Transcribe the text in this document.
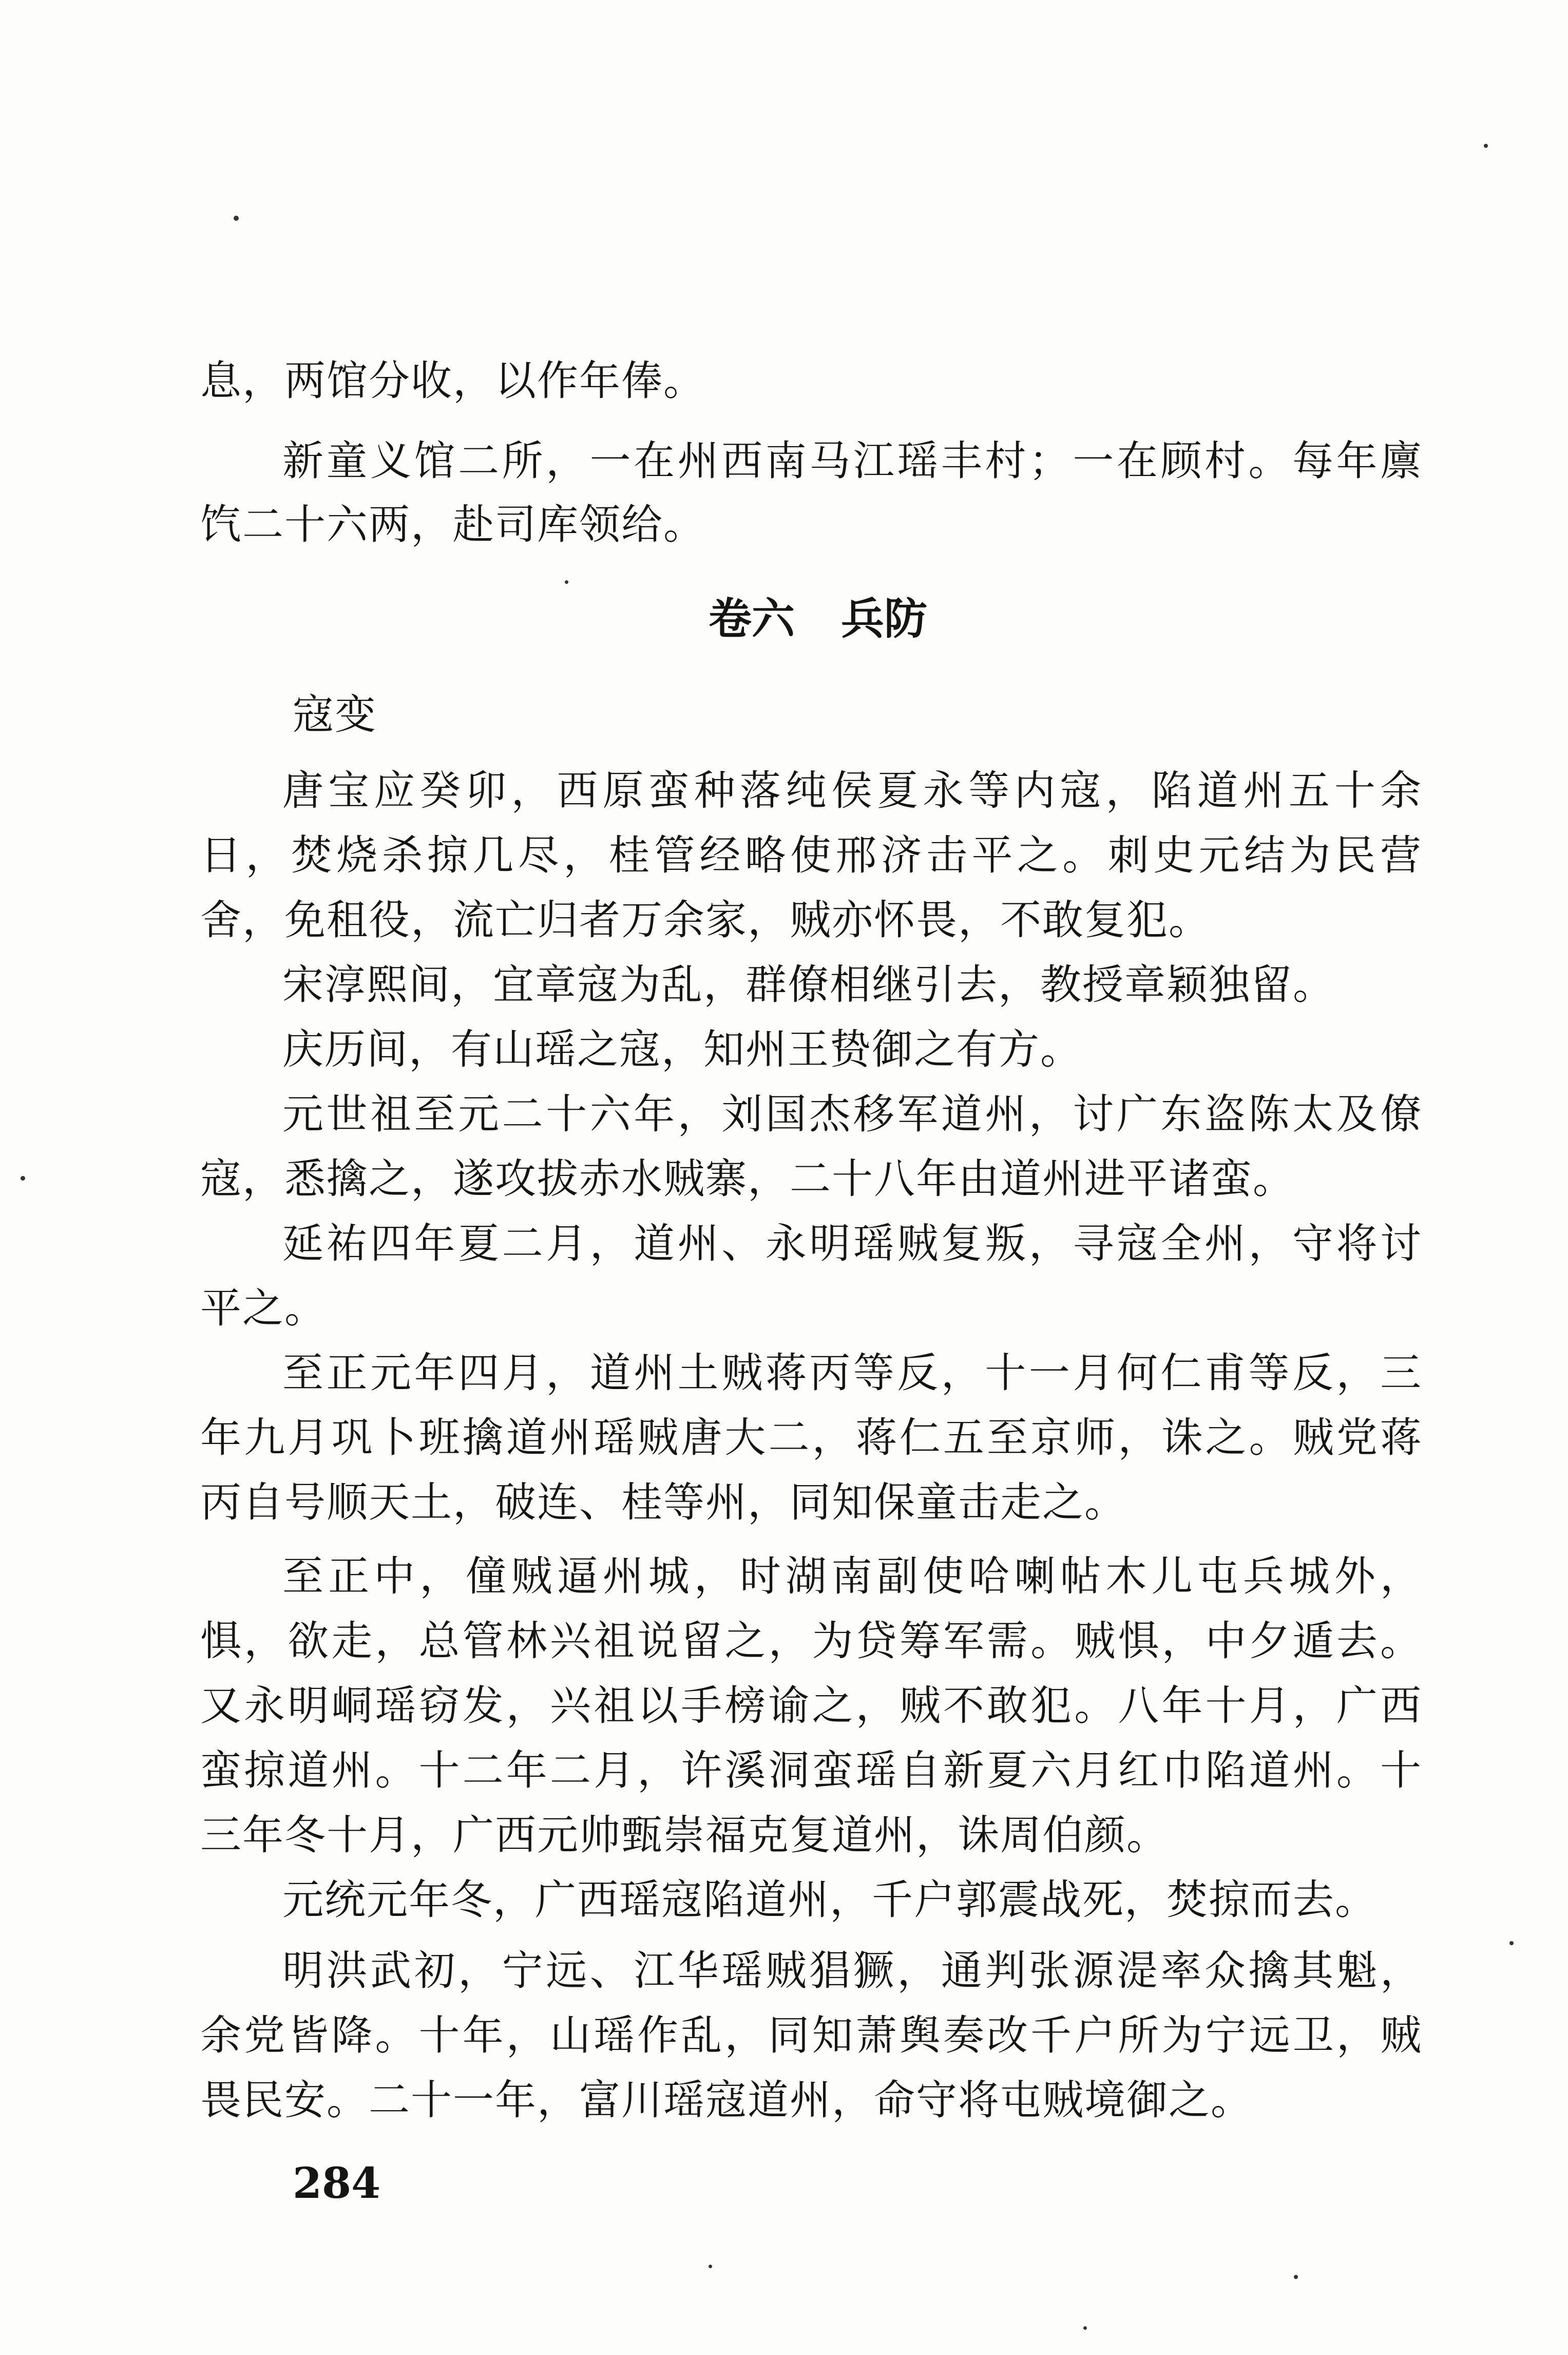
息，两馆分收，以作年俸。
新童义馆二所，一在州西南马江瑶丰村；一在顾村。每年廪
饩二十六两，赴司库领给。
卷六 兵防
寇变
唐宝应癸卯，西原蛮种落纯侯夏永等内寇，陷道州五十余
日，焚烧杀掠几尽，桂管经略使邢济击平之。刺史元结为民营
舍，免租役，流亡归者万余家，贼亦怀畏，不敢复犯。
宋淳熙间，宜章寇为乱，群僚相继引去，教授章颖独留。
庆历间，有山瑶之寇，知州王贽御之有方。
元世祖至元二十六年，刘国杰移军道州，讨广东盗陈太及僚
寇，悉擒之，遂攻拔赤水贼寨，二十八年由道州进平诸蛮。
延祐四年夏二月，道州、永明瑶贼复叛，寻寇全州，守将讨
平之。
至正元年四月，道州土贼蒋丙等反，十一月何仁甫等反，三
年九月巩卜班擒道州瑶贼唐大二，蒋仁五至京师，诛之。贼党蒋
丙自号顺天土，破连、桂等州，同知保童击走之。
至正中，僮贼逼州城，时湖南副使哈喇帖木儿屯兵城外，
惧，欲走，总管林兴祖说留之，为贷筹军需。贼惧，中夕遁去。
又永明峒瑶窃发，兴祖以手榜谕之，贼不敢犯。八年十月，广西
蛮掠道州。十二年二月，许溪洞蛮瑶自新夏六月红巾陷道州。十
三年冬十月，广西元帅甄崇福克复道州，诛周伯颜。
元统元年冬，广西瑶寇陷道州，千户郭震战死，焚掠而去。
明洪武初，宁远、江华瑶贼猖獗，通判张源湜率众擒其魁，
余党皆降。十年，山瑶作乱，同知萧舆奏改千户所为宁远卫，贼
畏民安。二十一年，富川瑶寇道州，命守将屯贼境御之。
284
